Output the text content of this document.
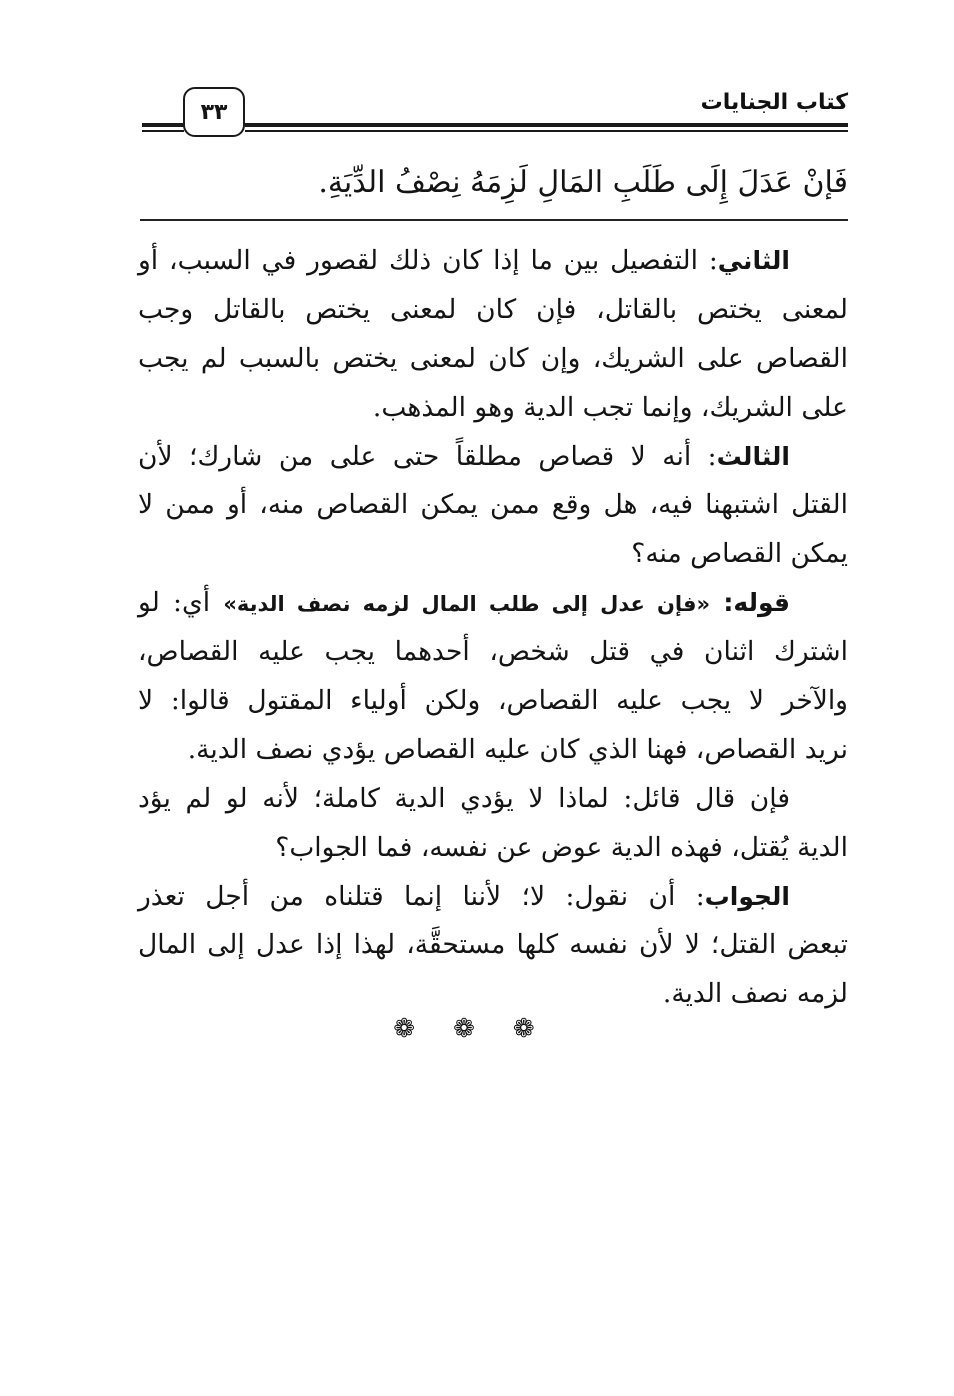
كتاب الجنايات
٣٣
فَإنْ عَدَلَ إِلَى طَلَبِ المَالِ لَزِمَهُ نِصْفُ الدِّيَةِ.
الثاني: التفصيل بين ما إذا كان ذلك لقصور في السبب، أو
لمعنى يختص بالقاتل، فإن كان لمعنى يختص بالقاتل وجب
القصاص على الشريك، وإن كان لمعنى يختص بالسبب لم يجب
على الشريك، وإنما تجب الدية وهو المذهب.
الثالث: أنه لا قصاص مطلقاً حتى على من شارك؛ لأن
القتل اشتبهنا فيه، هل وقع ممن يمكن القصاص منه، أو ممن لا
يمكن القصاص منه؟
قوله: «فإن عدل إلى طلب المال لزمه نصف الدية» أي: لو
اشترك اثنان في قتل شخص، أحدهما يجب عليه القصاص،
والآخر لا يجب عليه القصاص، ولكن أولياء المقتول قالوا: لا
نريد القصاص، فهنا الذي كان عليه القصاص يؤدي نصف الدية.
فإن قال قائل: لماذا لا يؤدي الدية كاملة؛ لأنه لو لم يؤد
الدية يُقتل، فهذه الدية عوض عن نفسه، فما الجواب؟
الجواب: أن نقول: لا؛ لأننا إنما قتلناه من أجل تعذر
تبعض القتل؛ لا لأن نفسه كلها مستحقَّة، لهذا إذا عدل إلى المال
لزمه نصف الدية.
❁ ❁ ❁
